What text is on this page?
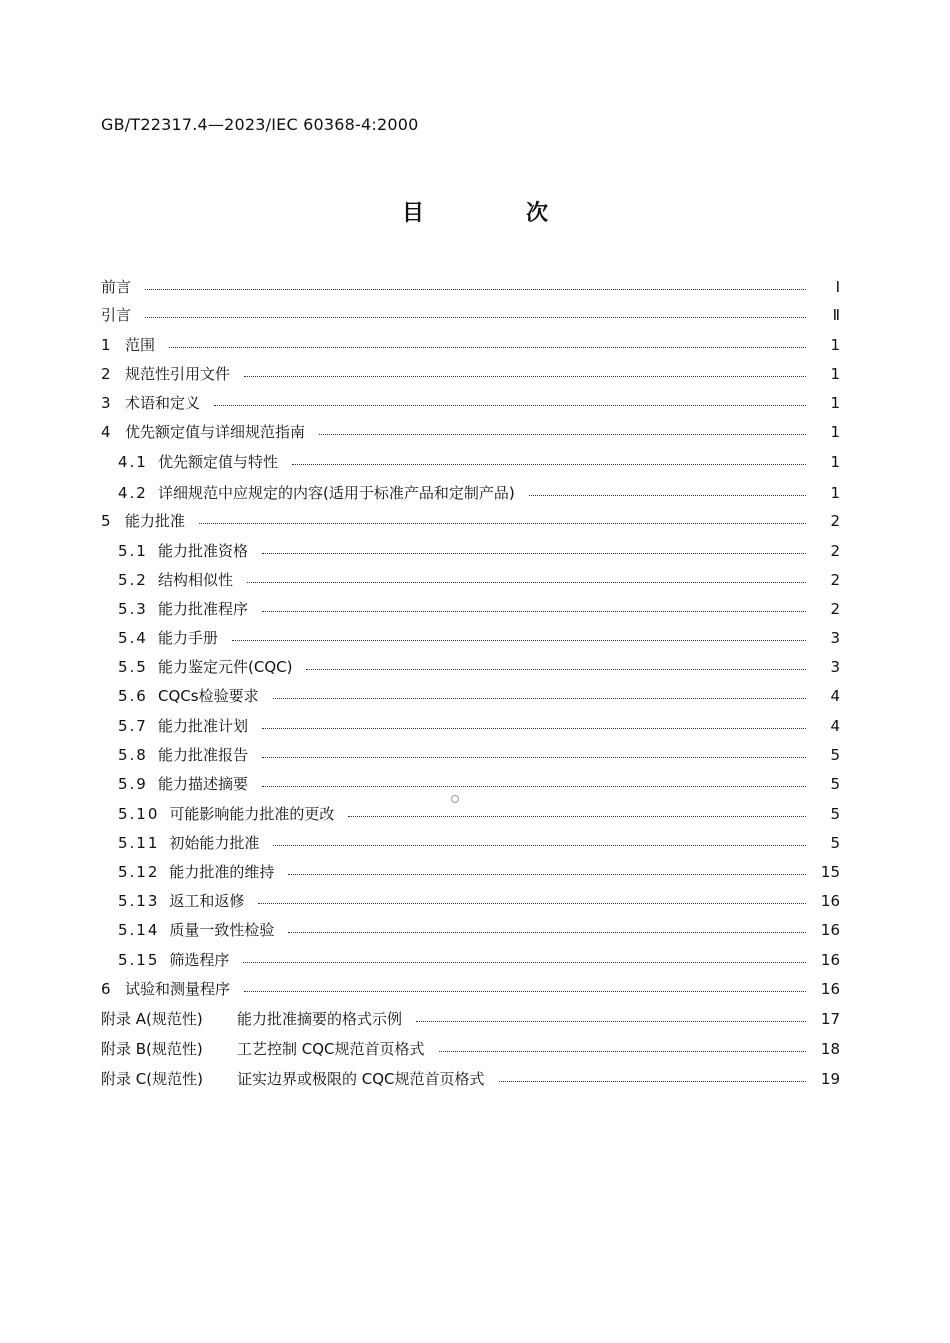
GB/T22317.4—2023/IEC 60368-4:2000
目　次
前言	Ⅰ
引言	Ⅱ
1 范围	1
2 规范性引用文件	1
3 术语和定义	1
4 优先额定值与详细规范指南	1
4.1 优先额定值与特性	1
4.2 详细规范中应规定的内容(适用于标准产品和定制产品)	1
5 能力批准	2
5.1 能力批准资格	2
5.2 结构相似性	2
5.3 能力批准程序	2
5.4 能力手册	3
5.5 能力鉴定元件(CQC)	3
5.6 CQCs检验要求	4
5.7 能力批准计划	4
5.8 能力批准报告	5
5.9 能力描述摘要	5
5.10 可能影响能力批准的更改	5
5.11 初始能力批准	5
5.12 能力批准的维持	15
5.13 返工和返修	16
5.14 质量一致性检验	16
5.15 筛选程序	16
6 试验和测量程序	16
附录 A(规范性) 能力批准摘要的格式示例	17
附录 B(规范性) 工艺控制 CQC规范首页格式	18
附录 C(规范性) 证实边界或极限的 CQC规范首页格式	19
